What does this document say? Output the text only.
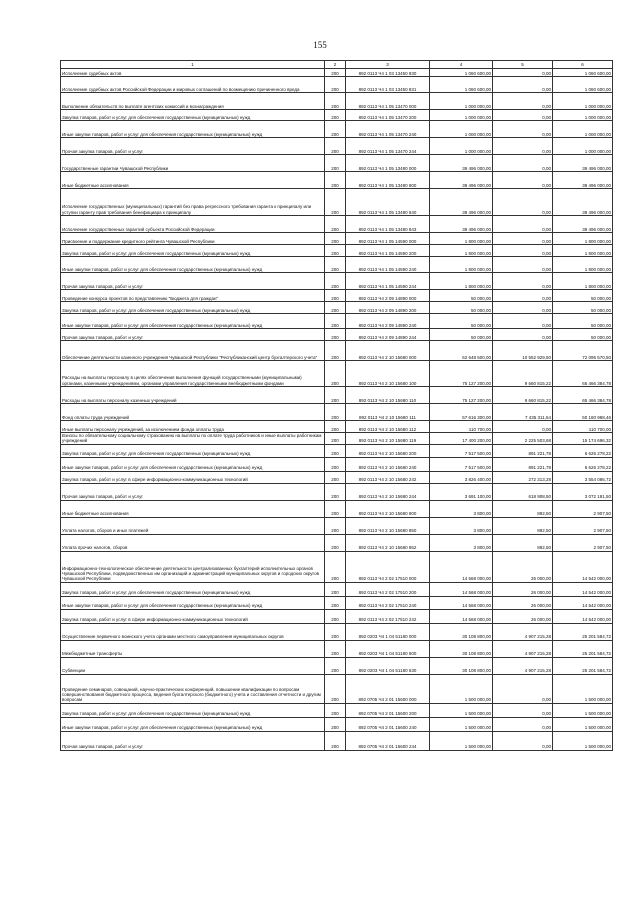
155
1	2	3	4	5	6
Исполнение судебных актов	200	892 0113 Ч4 1 03 13450 830	1 060 600,00	0,00	1 060 600,00
Исполнение судебных актов Российской Федерации и мировых соглашений по возмещению причиненного вреда	200	892 0113 Ч4 1 03 13450 831	1 060 600,00	0,00	1 060 600,00
Выполнение обязательств по выплате агентских комиссий и вознаграждения	200	892 0113 Ч4 1 05 13470 000	1 000 000,00	0,00	1 000 000,00
Закупка товаров, работ и услуг для обеспечения государственных (муниципальных) нужд	200	892 0113 Ч4 1 05 13470 200	1 000 000,00	0,00	1 000 000,00
Иные закупки товаров, работ и услуг для обеспечения государственных (муниципальных) нужд	200	892 0113 Ч4 1 05 13470 240	1 000 000,00	0,00	1 000 000,00
Прочая закупка товаров, работ и услуг	200	892 0113 Ч4 1 05 13470 244	1 000 000,00	0,00	1 000 000,00
Государственные гарантии Чувашской Республики	200	892 0113 Ч4 1 05 13480 000	39 496 000,00	0,00	39 496 000,00
Иные бюджетные ассигнования	200	892 0113 Ч4 1 05 13480 800	39 496 000,00	0,00	39 496 000,00
Исполнение государственных (муниципальных) гарантий без права регрессного требования гаранта к принципалу или уступки гаранту прав требования бенефициара к принципалу	200	892 0113 Ч4 1 05 13480 840	39 496 000,00	0,00	39 496 000,00
Исполнение государственных гарантий субъекта Российской Федерации	200	892 0113 Ч4 1 05 13480 843	39 496 000,00	0,00	39 496 000,00
Присвоение и поддержание кредитного рейтинга Чувашской Республики	200	892 0113 Ч4 1 05 14590 000	1 800 000,00	0,00	1 800 000,00
Закупка товаров, работ и услуг для обеспечения государственных (муниципальных) нужд	200	892 0113 Ч4 1 05 14590 200	1 800 000,00	0,00	1 800 000,00
Иные закупки товаров, работ и услуг для обеспечения государственных (муниципальных) нужд	200	892 0113 Ч4 1 05 14590 240	1 800 000,00	0,00	1 800 000,00
Прочая закупка товаров, работ и услуг	200	892 0113 Ч4 1 05 14590 244	1 800 000,00	0,00	1 800 000,00
Проведение конкурса проектов по представлению "Бюджета для граждан"	200	892 0113 Ч4 2 09 14890 000	50 000,00	0,00	50 000,00
Закупка товаров, работ и услуг для обеспечения государственных (муниципальных) нужд	200	892 0113 Ч4 2 09 14890 200	50 000,00	0,00	50 000,00
Иные закупки товаров, работ и услуг для обеспечения государственных (муниципальных) нужд	200	892 0113 Ч4 2 09 14890 240	50 000,00	0,00	50 000,00
Прочая закупка товаров, работ и услуг	200	892 0113 Ч4 2 09 14890 244	50 000,00	0,00	50 000,00
Обеспечение деятельности казенного учреждения Чувашской Республики "Республиканский центр бухгалтерского учета"	200	892 0113 Ч4 2 10 15680 000	62 648 500,00	10 552 929,50	72 095 570,50
Расходы на выплаты персоналу в целях обеспечения выполнения функций государственными (муниципальными) органами, казенными учреждениями, органами управления государственными внебюджетными фондами	200	892 0113 Ч4 2 10 15680 100	75 127 200,00	9 660 815,22	65 466 384,78
Расходы на выплаты персоналу казенных учреждений	200	892 0113 Ч4 2 10 15680 110	75 127 200,00	9 660 815,22	65 466 384,78
Фонд оплаты труда учреждений	200	892 0113 Ч4 2 10 15680 111	57 616 300,00	7 435 311,54	50 180 988,46
Иные выплаты персоналу учреждений, за исключением фонда оплаты труда	200	892 0113 Ч4 2 10 15680 112	110 700,00	0,00	110 700,00
Взносы по обязательному социальному страхованию на выплаты по оплате труда работников и иные выплаты работникам учреждений	200	892 0113 Ч4 2 10 15680 119	17 400 200,00	2 225 503,68	15 174 696,32
Закупка товаров, работ и услуг для обеспечения государственных (муниципальных) нужд	200	892 0113 Ч4 2 10 15680 200	7 517 500,00	891 221,78	6 626 278,22
Иные закупки товаров, работ и услуг для обеспечения государственных (муниципальных) нужд	200	892 0113 Ч4 2 10 15680 240	7 517 500,00	891 221,78	6 626 278,22
Закупка товаров, работ и услуг в сфере информационно-коммуникационных технологий	200	892 0113 Ч4 2 10 15680 242	3 826 400,00	272 313,28	3 554 086,72
Прочая закупка товаров, работ и услуг	200	892 0113 Ч4 2 10 15680 244	3 691 100,00	618 908,50	3 072 191,50
Иные бюджетные ассигнования	200	892 0113 Ч4 2 10 15680 800	3 800,00	892,50	2 907,50
Уплата налогов, сборов и иных платежей	200	892 0113 Ч4 2 10 15680 850	3 800,00	892,50	2 907,50
Уплата прочих налогов, сборов	200	892 0113 Ч4 2 10 15680 852	3 800,00	892,50	2 907,50
Информационно-технологическое обеспечение деятельности централизованных бухгалтерий исполнительных органов Чувашской Республики, подведомственных им организаций и администраций муниципальных округов и городских округов Чувашской Республики	200	892 0113 Ч4 2 02 17510 000	14 568 000,00	26 000,00	14 542 000,00
Закупка товаров, работ и услуг для обеспечения государственных (муниципальных) нужд	200	892 0113 Ч4 2 02 17510 200	14 568 000,00	26 000,00	14 542 000,00
Иные закупки товаров, работ и услуг для обеспечения государственных (муниципальных) нужд	200	892 0113 Ч4 2 02 17510 240	14 568 000,00	26 000,00	14 542 000,00
Закупка товаров, работ и услуг в сфере информационно-коммуникационных технологий	200	892 0113 Ч4 2 02 17510 242	14 568 000,00	26 000,00	14 542 000,00
Осуществление первичного воинского учета органами местного самоуправления муниципальных округов	200	892 0203 Ч4 1 04 51180 000	30 108 800,00	4 907 215,28	25 201 584,72
Межбюджетные трансферты	200	892 0203 Ч4 1 04 51180 500	30 108 800,00	4 907 215,28	25 201 584,72
Субвенции	200	892 0203 Ч4 1 04 51180 530	30 108 800,00	4 907 215,28	25 201 584,72
Проведение семинаров, совещаний, научно-практических конференций, повышение квалификации по вопросам совершенствования бюджетного процесса, ведения бухгалтерского (бюджетного) учета и составления отчетности и другим вопросам	200	892 0705 Ч4 2 01 15600 000	1 500 000,00	0,00	1 500 000,00
Закупка товаров, работ и услуг для обеспечения государственных (муниципальных) нужд	200	892 0705 Ч4 2 01 15600 200	1 500 000,00	0,00	1 500 000,00
Иные закупки товаров, работ и услуг для обеспечения государственных (муниципальных) нужд	200	892 0705 Ч4 2 01 15600 240	1 500 000,00	0,00	1 500 000,00
Прочая закупка товаров, работ и услуг	200	892 0705 Ч4 2 01 15600 244	1 500 000,00	0,00	1 500 000,00
